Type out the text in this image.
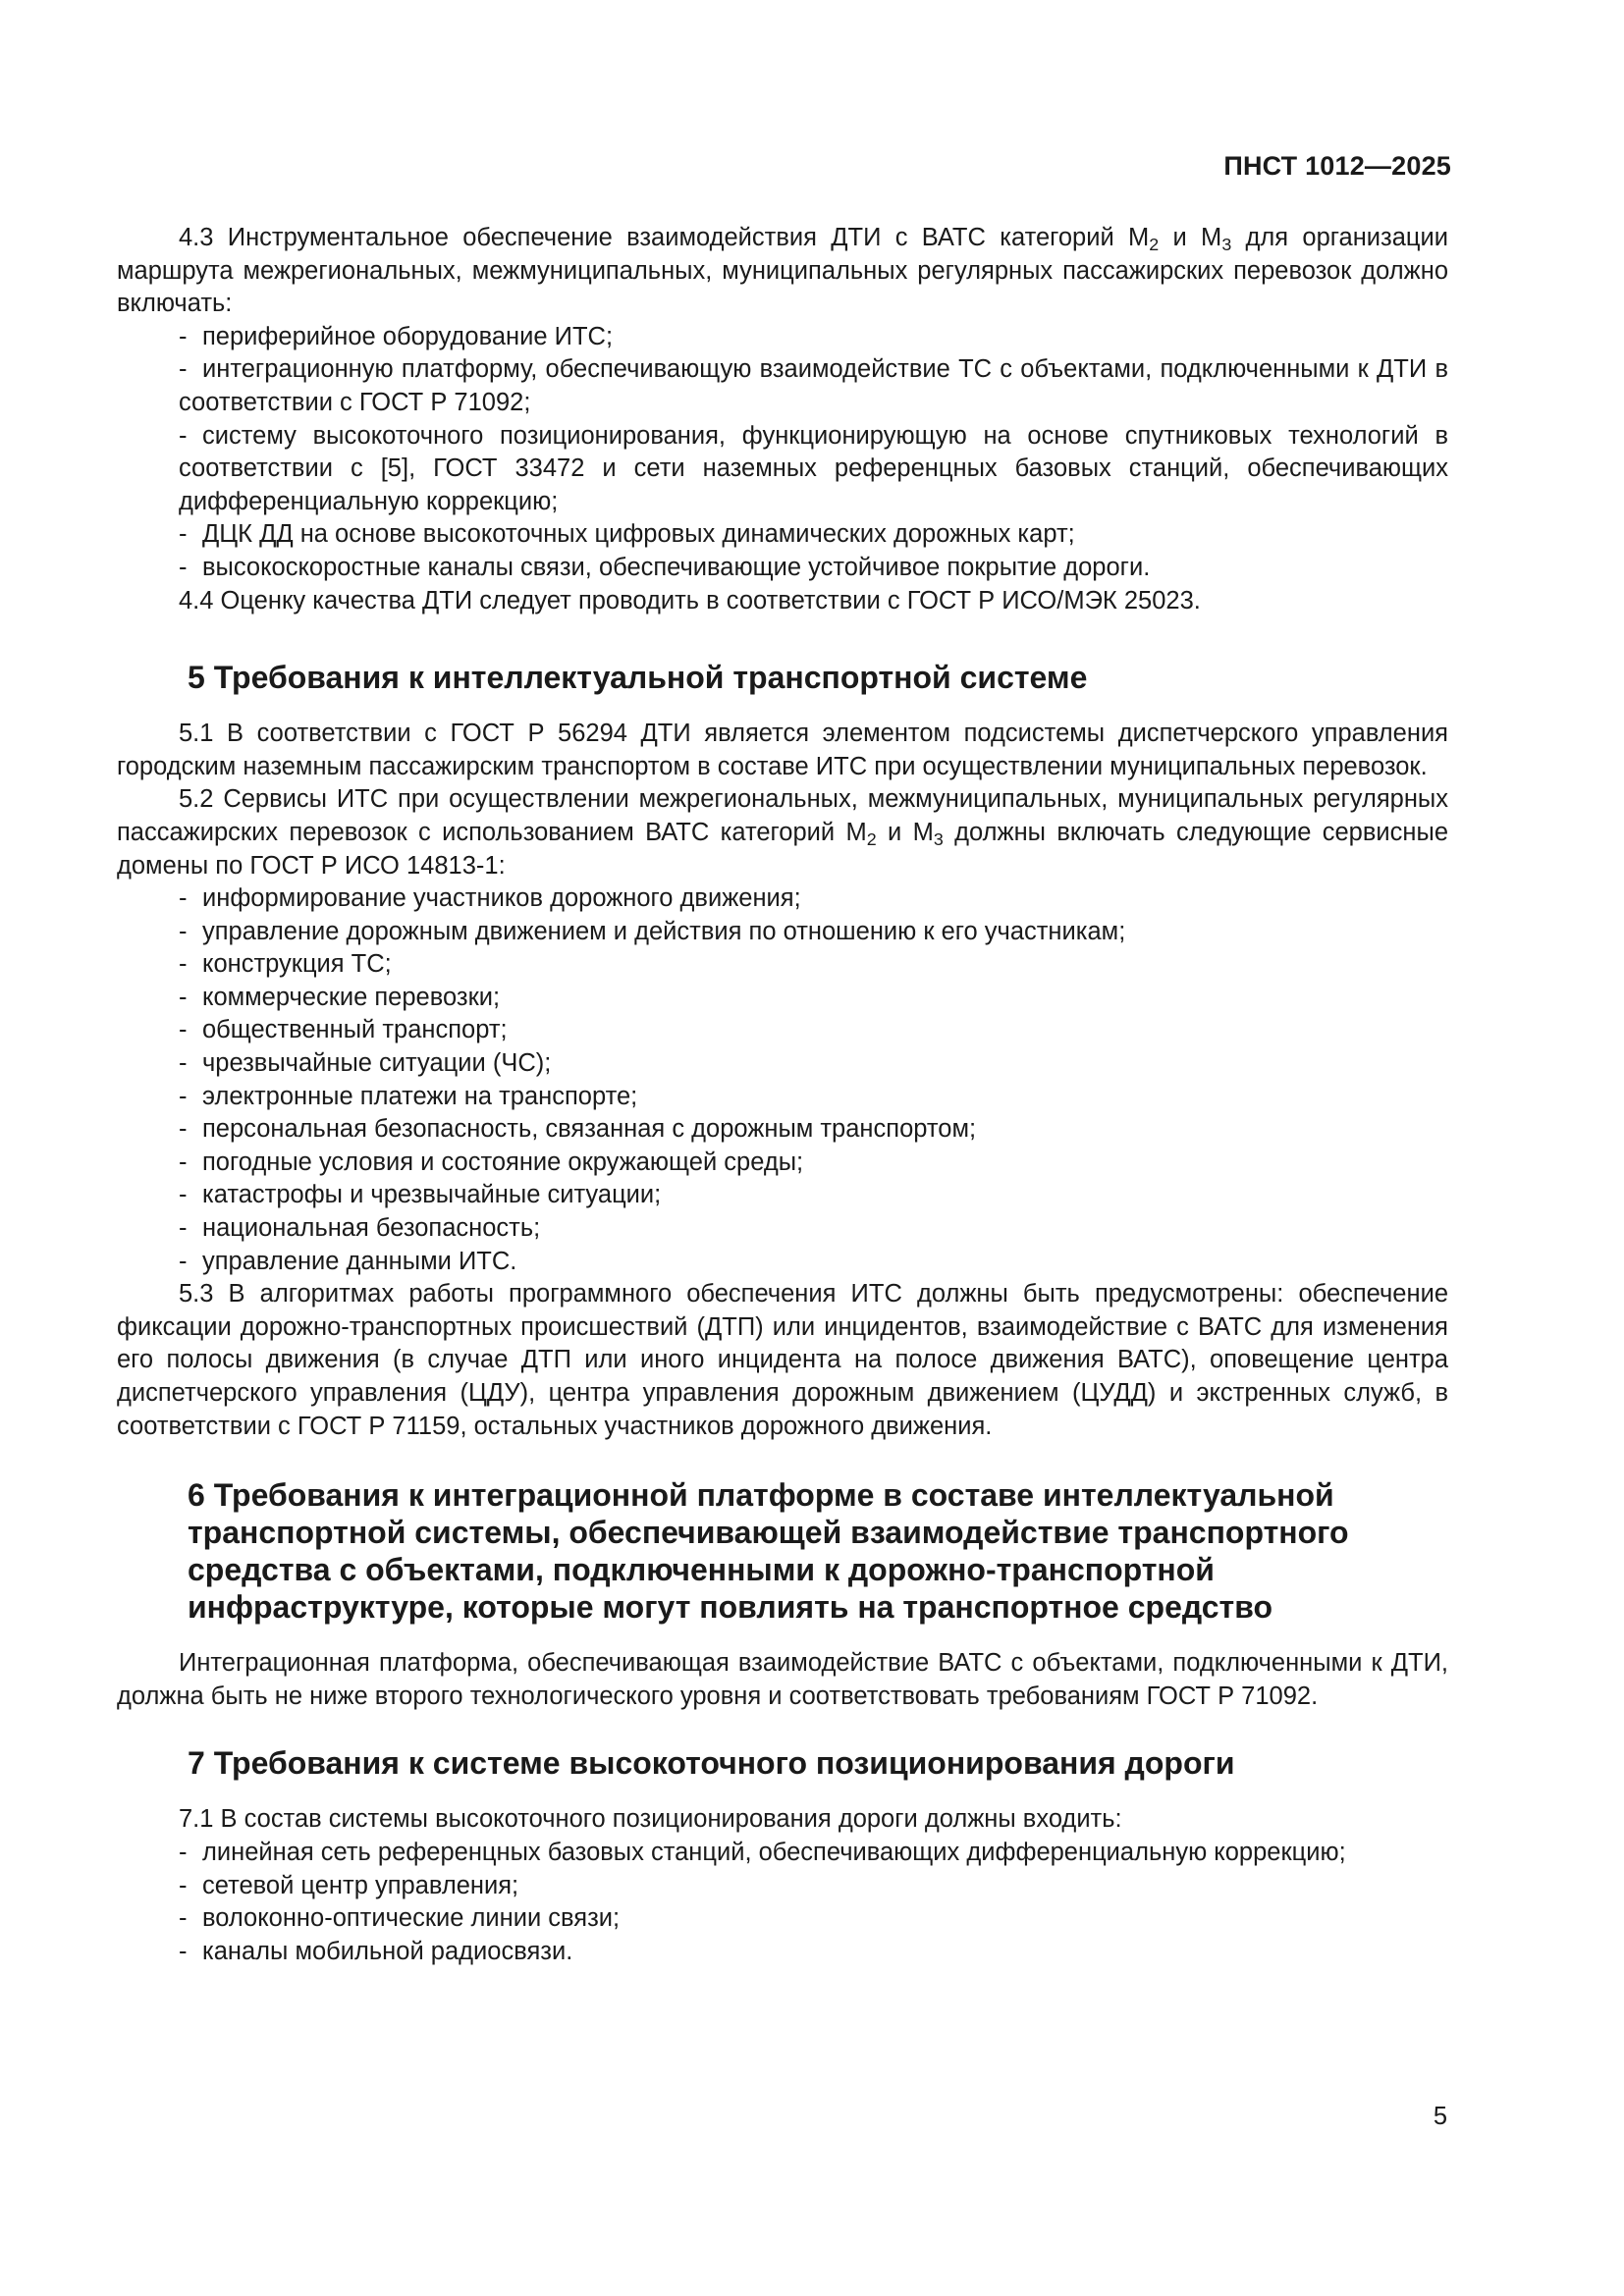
ПНСТ 1012—2025

4.3 Инструментальное обеспечение взаимодействия ДТИ с ВАТС категорий $М_2$ и $М_3$ для организации маршрута межрегиональных, межмуниципальных, муниципальных регулярных пассажирских перевозок должно включать:

- периферийное оборудование ИТС;

- интеграционную платформу, обеспечивающую взаимодействие ТС с объектами, подключенными к ДТИ в соответствии с ГОСТ Р 71092;

- систему высокоточного позиционирования, функционирующую на основе спутниковых технологий в соответствии с [5], ГОСТ 33472 и сети наземных референцных базовых станций, обеспечивающих дифференциальную коррекцию;

- ДЦК ДД на основе высокоточных цифровых динамических дорожных карт;

- высокоскоростные каналы связи, обеспечивающие устойчивое покрытие дороги.

4.4 Оценку качества ДТИ следует проводить в соответствии с ГОСТ Р ИСО/МЭК 25023.

5 Требования к интеллектуальной транспортной системе

5.1 В соответствии с ГОСТ Р 56294 ДТИ является элементом подсистемы диспетчерского управления городским наземным пассажирским транспортом в составе ИТС при осуществлении муниципальных перевозок.

5.2 Сервисы ИТС при осуществлении межрегиональных, межмуниципальных, муниципальных регулярных пассажирских перевозок с использованием ВАТС категорий $М_2$ и $М_3$ должны включать следующие сервисные домены по ГОСТ Р ИСО 14813-1:

- информирование участников дорожного движения;

- управление дорожным движением и действия по отношению к его участникам;

- конструкция ТС;

- коммерческие перевозки;

- общественный транспорт;

- чрезвычайные ситуации (ЧС);

- электронные платежи на транспорте;

- персональная безопасность, связанная с дорожным транспортом;

- погодные условия и состояние окружающей среды;

- катастрофы и чрезвычайные ситуации;

- национальная безопасность;

- управление данными ИТС.

5.3 В алгоритмах работы программного обеспечения ИТС должны быть предусмотрены: обеспечение фиксации дорожно-транспортных происшествий (ДТП) или инцидентов, взаимодействие с ВАТС для изменения его полосы движения (в случае ДТП или иного инцидента на полосе движения ВАТС), оповещение центра диспетчерского управления (ЦДУ), центра управления дорожным движением (ЦУДД) и экстренных служб, в соответствии с ГОСТ Р 71159, остальных участников дорожного движения.

6 Требования к интеграционной платформе в составе интеллектуальной
транспортной системы, обеспечивающей взаимодействие транспортного
средства с объектами, подключенными к дорожно-транспортной
инфраструктуре, которые могут повлиять на транспортное средство

Интеграционная платформа, обеспечивающая взаимодействие ВАТС с объектами, подключенными к ДТИ, должна быть не ниже второго технологического уровня и соответствовать требованиям ГОСТ Р 71092.

7 Требования к системе высокоточного позиционирования дороги

7.1 В состав системы высокоточного позиционирования дороги должны входить:

- линейная сеть референцных базовых станций, обеспечивающих дифференциальную коррекцию;

- сетевой центр управления;

- волоконно-оптические линии связи;

- каналы мобильной радиосвязи.

5
